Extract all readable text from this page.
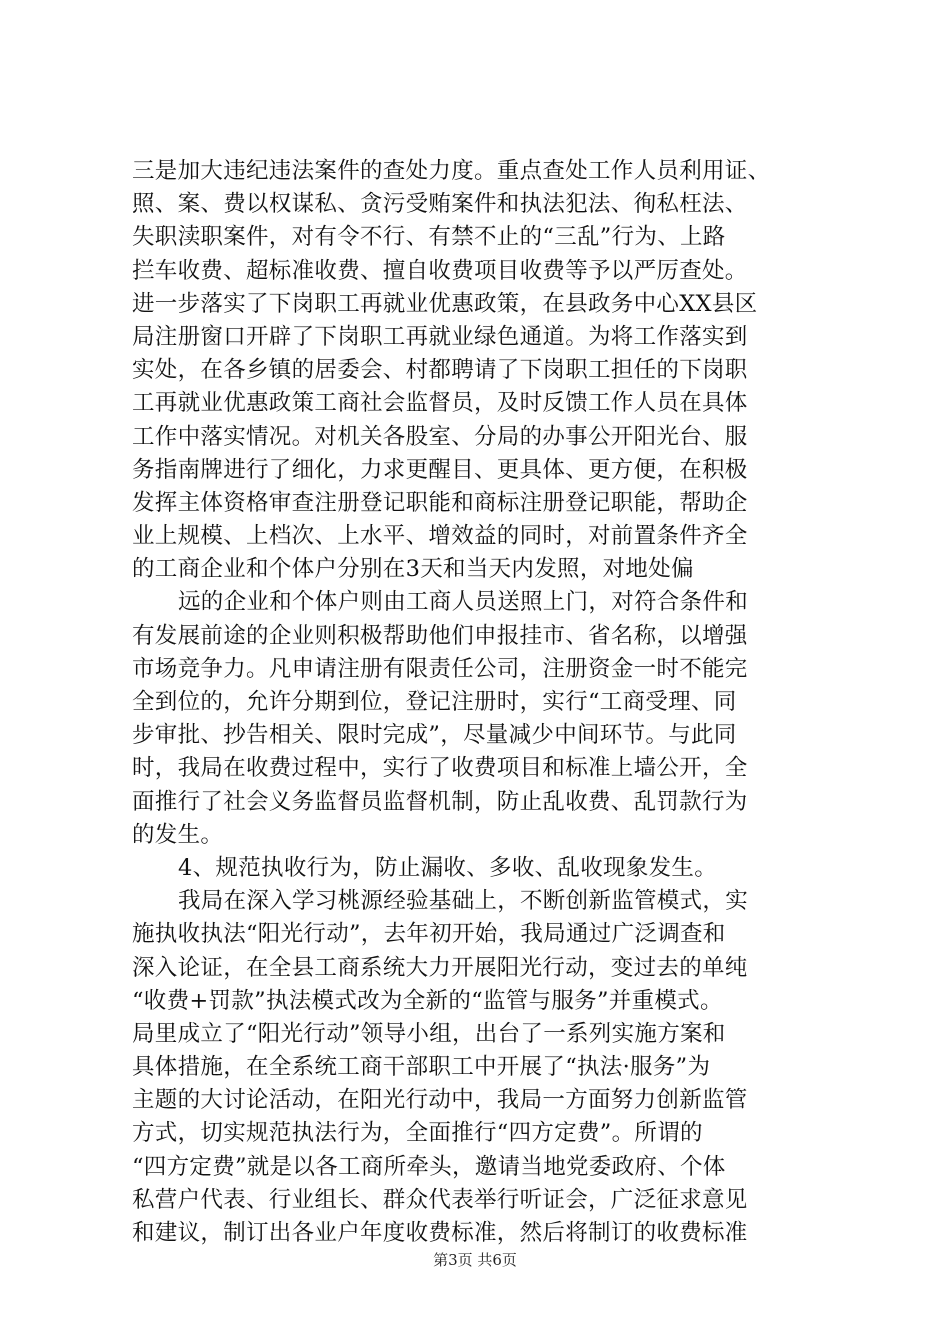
三是加大违纪违法案件的查处力度。重点查处工作人员利用证、
照、案、费以权谋私、贪污受贿案件和执法犯法、徇私枉法、
失职渎职案件，对有令不行、有禁不止的“三乱”行为、上路
拦车收费、超标准收费、擅自收费项目收费等予以严厉查处。
进一步落实了下岗职工再就业优惠政策，在县政务中心XX县区
局注册窗口开辟了下岗职工再就业绿色通道。为将工作落实到
实处，在各乡镇的居委会、村都聘请了下岗职工担任的下岗职
工再就业优惠政策工商社会监督员，及时反馈工作人员在具体
工作中落实情况。对机关各股室、分局的办事公开阳光台、服
务指南牌进行了细化，力求更醒目、更具体、更方便，在积极
发挥主体资格审查注册登记职能和商标注册登记职能，帮助企
业上规模、上档次、上水平、增效益的同时，对前置条件齐全
的工商企业和个体户分别在3天和当天内发照，对地处偏
远的企业和个体户则由工商人员送照上门，对符合条件和
有发展前途的企业则积极帮助他们申报挂市、省名称，以增强
市场竞争力。凡申请注册有限责任公司，注册资金一时不能完
全到位的，允许分期到位，登记注册时，实行“工商受理、同
步审批、抄告相关、限时完成”，尽量减少中间环节。与此同
时，我局在收费过程中，实行了收费项目和标准上墙公开，全
面推行了社会义务监督员监督机制，防止乱收费、乱罚款行为
的发生。
4、规范执收行为，防止漏收、多收、乱收现象发生。
我局在深入学习桃源经验基础上，不断创新监管模式，实
施执收执法“阳光行动”，去年初开始，我局通过广泛调查和
深入论证，在全县工商系统大力开展阳光行动，变过去的单纯
“收费+罚款”执法模式改为全新的“监管与服务”并重模式。
局里成立了“阳光行动”领导小组，出台了一系列实施方案和
具体措施，在全系统工商干部职工中开展了“执法·服务”为
主题的大讨论活动，在阳光行动中，我局一方面努力创新监管
方式，切实规范执法行为，全面推行“四方定费”。所谓的
“四方定费”就是以各工商所牵头，邀请当地党委政府、个体
私营户代表、行业组长、群众代表举行听证会，广泛征求意见
和建议，制订出各业户年度收费标准，然后将制订的收费标准
第3页 共6页
